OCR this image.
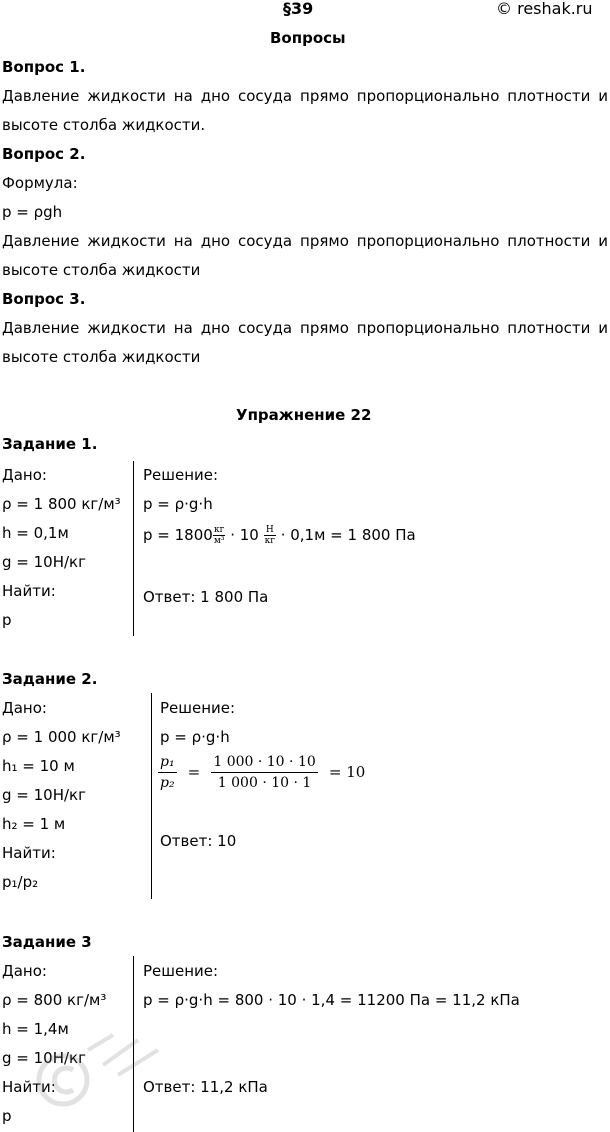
§39	© reshak.ru
Вопросы
Вопрос 1.
Давление жидкости на дно сосуда прямо пропорционально плотности и
высоте столба жидкости.
Вопрос 2.
Формула:
p = ρgh
Давление жидкости на дно сосуда прямо пропорционально плотности и
высоте столба жидкости
Вопрос 3.
Давление жидкости на дно сосуда прямо пропорционально плотности и
высоте столба жидкости
Упражнение 22
Задание 1.
Дано:
ρ = 1 800 кг/м³
h = 0,1м
g = 10Н/кг
Найти:
p
Решение:
p = ρ·g·h
$p = 1800 \frac{кг}{\text{м³}} \cdot 10 \frac{Н}{кг} \cdot 0,1м = 1$ 800 Па
Ответ: 1 800 Па
Задание 2.
Дано:
ρ = 1 000 кг/м³
h₁ = 10 м
g = 10Н/кг
h₂ = 1 м
Найти:
p₁/p₂
Решение:
p = ρ·g·h
$\frac{\text{p₁}}{\text{p₂}} = \frac{1 000 \cdot 10 \cdot 10}{1 000 \cdot 10 \cdot 1} = 10$
Ответ: 10
Задание 3
Дано:
ρ = 800 кг/м³
h = 1,4м
g = 10Н/кг
Найти:
p
Решение:
p = ρ·g·h = 800 · 10 · 1,4 = 11200 Па = 11,2 кПа
Ответ: 11,2 кПа
